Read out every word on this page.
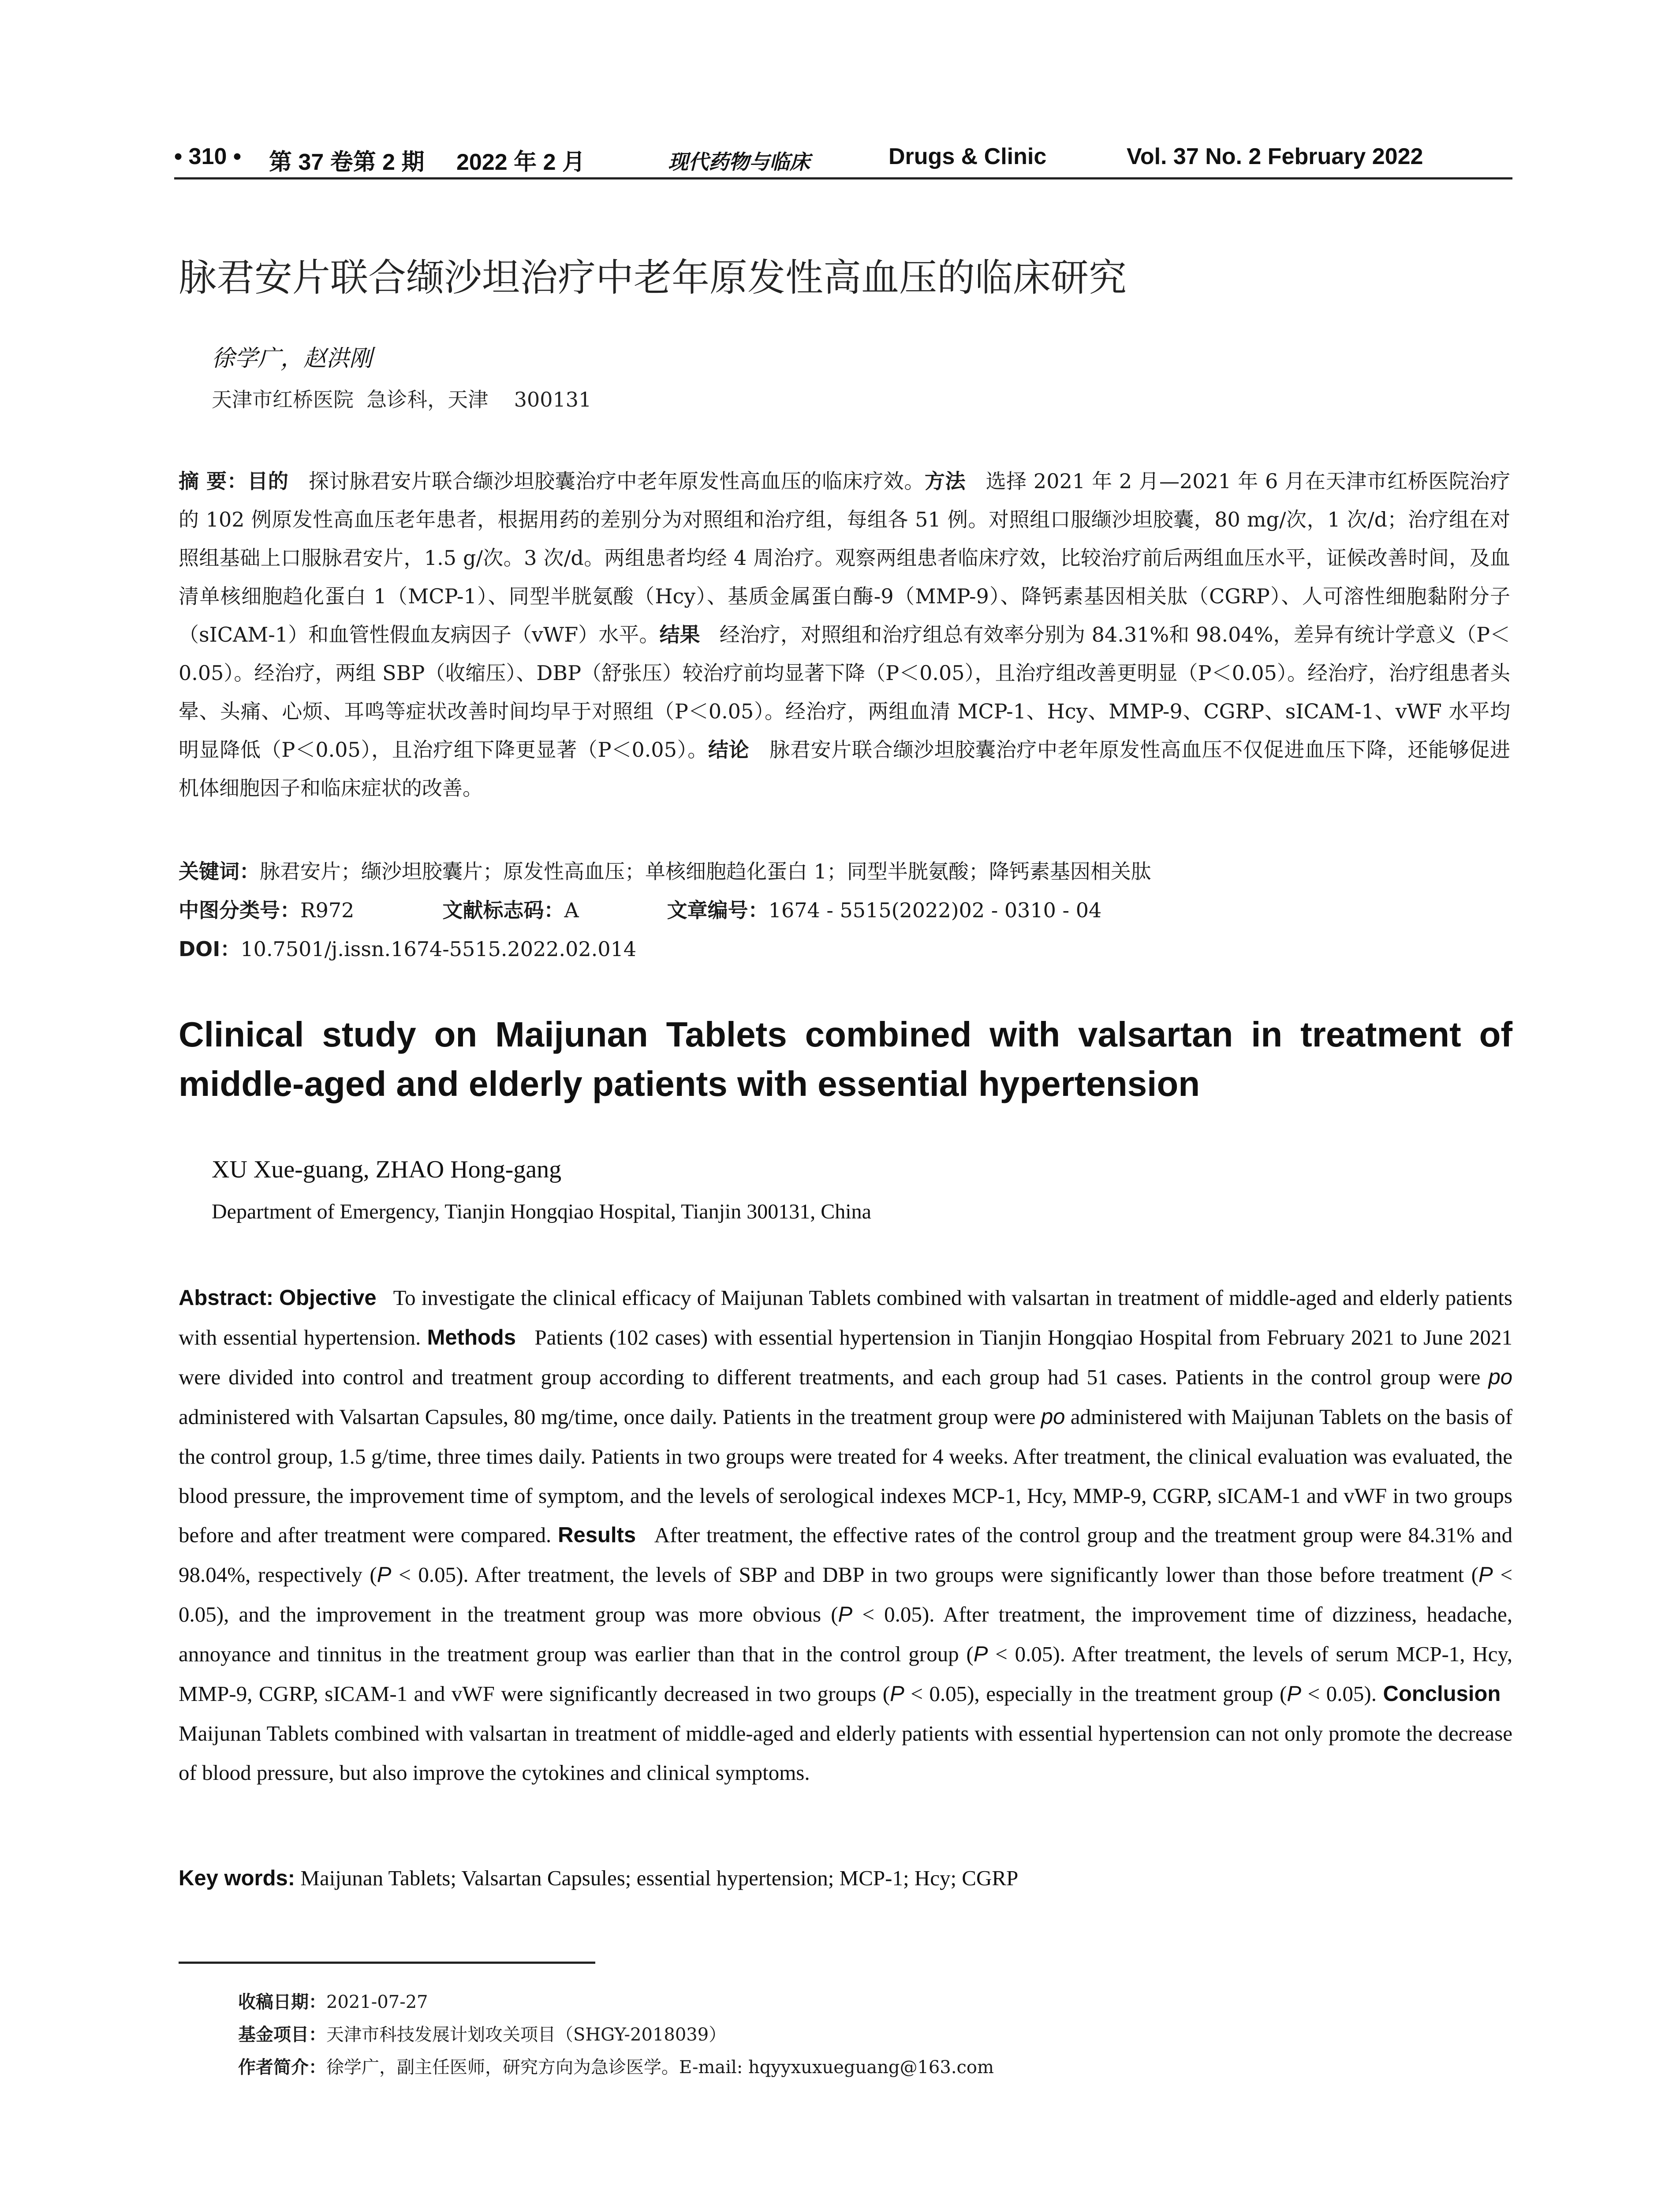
• 310 • 第 37 卷第 2 期 2022 年 2 月	现代药物与临床	Drugs & Clinic	Vol. 37 No. 2 February 2022
脉君安片联合缬沙坦治疗中老年原发性高血压的临床研究
徐学广，赵洪刚
天津市红桥医院  急诊科，天津    300131
摘 要：目的 探讨脉君安片联合缬沙坦胶囊治疗中老年原发性高血压的临床疗效。方法 选择 2021 年 2 月—2021 年 6 月在天津市红桥医院治疗的 102 例原发性高血压老年患者，根据用药的差别分为对照组和治疗组，每组各 51 例。对照组口服缬沙坦胶囊，80 mg/次，1 次/d；治疗组在对照组基础上口服脉君安片，1.5 g/次。3 次/d。两组患者均经 4 周治疗。观察两组患者临床疗效，比较治疗前后两组血压水平，证候改善时间，及血清单核细胞趋化蛋白 1（MCP-1）、同型半胱氨酸（Hcy）、基质金属蛋白酶-9（MMP-9）、降钙素基因相关肽（CGRP）、人可溶性细胞黏附分子（sICAM-1）和血管性假血友病因子（vWF）水平。结果 经治疗，对照组和治疗组总有效率分别为 84.31%和 98.04%，差异有统计学意义（P＜0.05）。经治疗，两组 SBP（收缩压）、DBP（舒张压）较治疗前均显著下降（P＜0.05），且治疗组改善更明显（P＜0.05）。经治疗，治疗组患者头晕、头痛、心烦、耳鸣等症状改善时间均早于对照组（P＜0.05）。经治疗，两组血清 MCP-1、Hcy、MMP-9、CGRP、sICAM-1、vWF 水平均明显降低（P＜0.05），且治疗组下降更显著（P＜0.05）。结论 脉君安片联合缬沙坦胶囊治疗中老年原发性高血压不仅促进血压下降，还能够促进机体细胞因子和临床症状的改善。
关键词：脉君安片；缬沙坦胶囊片；原发性高血压；单核细胞趋化蛋白 1；同型半胱氨酸；降钙素基因相关肽
中图分类号：R972	文献标志码：A	文章编号：1674 - 5515(2022)02 - 0310 - 04
DOI：10.7501/j.issn.1674-5515.2022.02.014
Clinical study on Maijunan Tablets combined with valsartan in treatment of middle-aged and elderly patients with essential hypertension
XU Xue-guang, ZHAO Hong-gang
Department of Emergency, Tianjin Hongqiao Hospital, Tianjin 300131, China
Abstract: Objective To investigate the clinical efficacy of Maijunan Tablets combined with valsartan in treatment of middle-aged and elderly patients with essential hypertension. Methods Patients (102 cases) with essential hypertension in Tianjin Hongqiao Hospital from February 2021 to June 2021 were divided into control and treatment group according to different treatments, and each group had 51 cases. Patients in the control group were po administered with Valsartan Capsules, 80 mg/time, once daily. Patients in the treatment group were po administered with Maijunan Tablets on the basis of the control group, 1.5 g/time, three times daily. Patients in two groups were treated for 4 weeks. After treatment, the clinical evaluation was evaluated, the blood pressure, the improvement time of symptom, and the levels of serological indexes MCP-1, Hcy, MMP-9, CGRP, sICAM-1 and vWF in two groups before and after treatment were compared. Results After treatment, the effective rates of the control group and the treatment group were 84.31% and 98.04%, respectively (P < 0.05). After treatment, the levels of SBP and DBP in two groups were significantly lower than those before treatment (P < 0.05), and the improvement in the treatment group was more obvious (P < 0.05). After treatment, the improvement time of dizziness, headache, annoyance and tinnitus in the treatment group was earlier than that in the control group (P < 0.05). After treatment, the levels of serum MCP-1, Hcy, MMP-9, CGRP, sICAM-1 and vWF were significantly decreased in two groups (P < 0.05), especially in the treatment group (P < 0.05). Conclusion   Maijunan Tablets combined with valsartan in treatment of middle-aged and elderly patients with essential hypertension can not only promote the decrease of blood pressure, but also improve the cytokines and clinical symptoms.
Key words: Maijunan Tablets; Valsartan Capsules; essential hypertension; MCP-1; Hcy; CGRP
收稿日期：2021-07-27
基金项目：天津市科技发展计划攻关项目（SHGY-2018039）
作者简介：徐学广，副主任医师，研究方向为急诊医学。E-mail: hqyyxuxueguang@163.com
